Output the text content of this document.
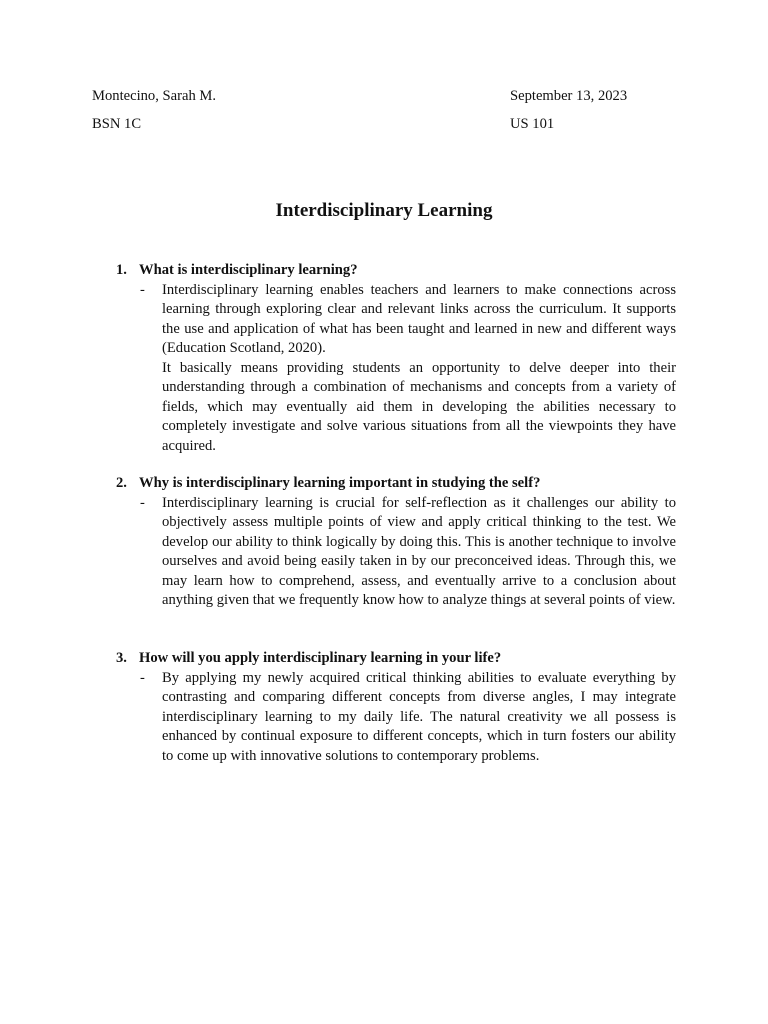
Montecino, Sarah M.	September 13, 2023
BSN 1C	US 101
Interdisciplinary Learning
1. What is interdisciplinary learning?
- Interdisciplinary learning enables teachers and learners to make connections across learning through exploring clear and relevant links across the curriculum. It supports the use and application of what has been taught and learned in new and different ways (Education Scotland, 2020).

It basically means providing students an opportunity to delve deeper into their understanding through a combination of mechanisms and concepts from a variety of fields, which may eventually aid them in developing the abilities necessary to completely investigate and solve various situations from all the viewpoints they have acquired.

2. Why is interdisciplinary learning important in studying the self?
- Interdisciplinary learning is crucial for self-reflection as it challenges our ability to objectively assess multiple points of view and apply critical thinking to the test. We develop our ability to think logically by doing this. This is another technique to involve ourselves and avoid being easily taken in by our preconceived ideas. Through this, we may learn how to comprehend, assess, and eventually arrive to a conclusion about anything given that we frequently know how to analyze things at several points of view.

3. How will you apply interdisciplinary learning in your life?
- By applying my newly acquired critical thinking abilities to evaluate everything by contrasting and comparing different concepts from diverse angles, I may integrate interdisciplinary learning to my daily life. The natural creativity we all possess is enhanced by continual exposure to different concepts, which in turn fosters our ability to come up with innovative solutions to contemporary problems.
